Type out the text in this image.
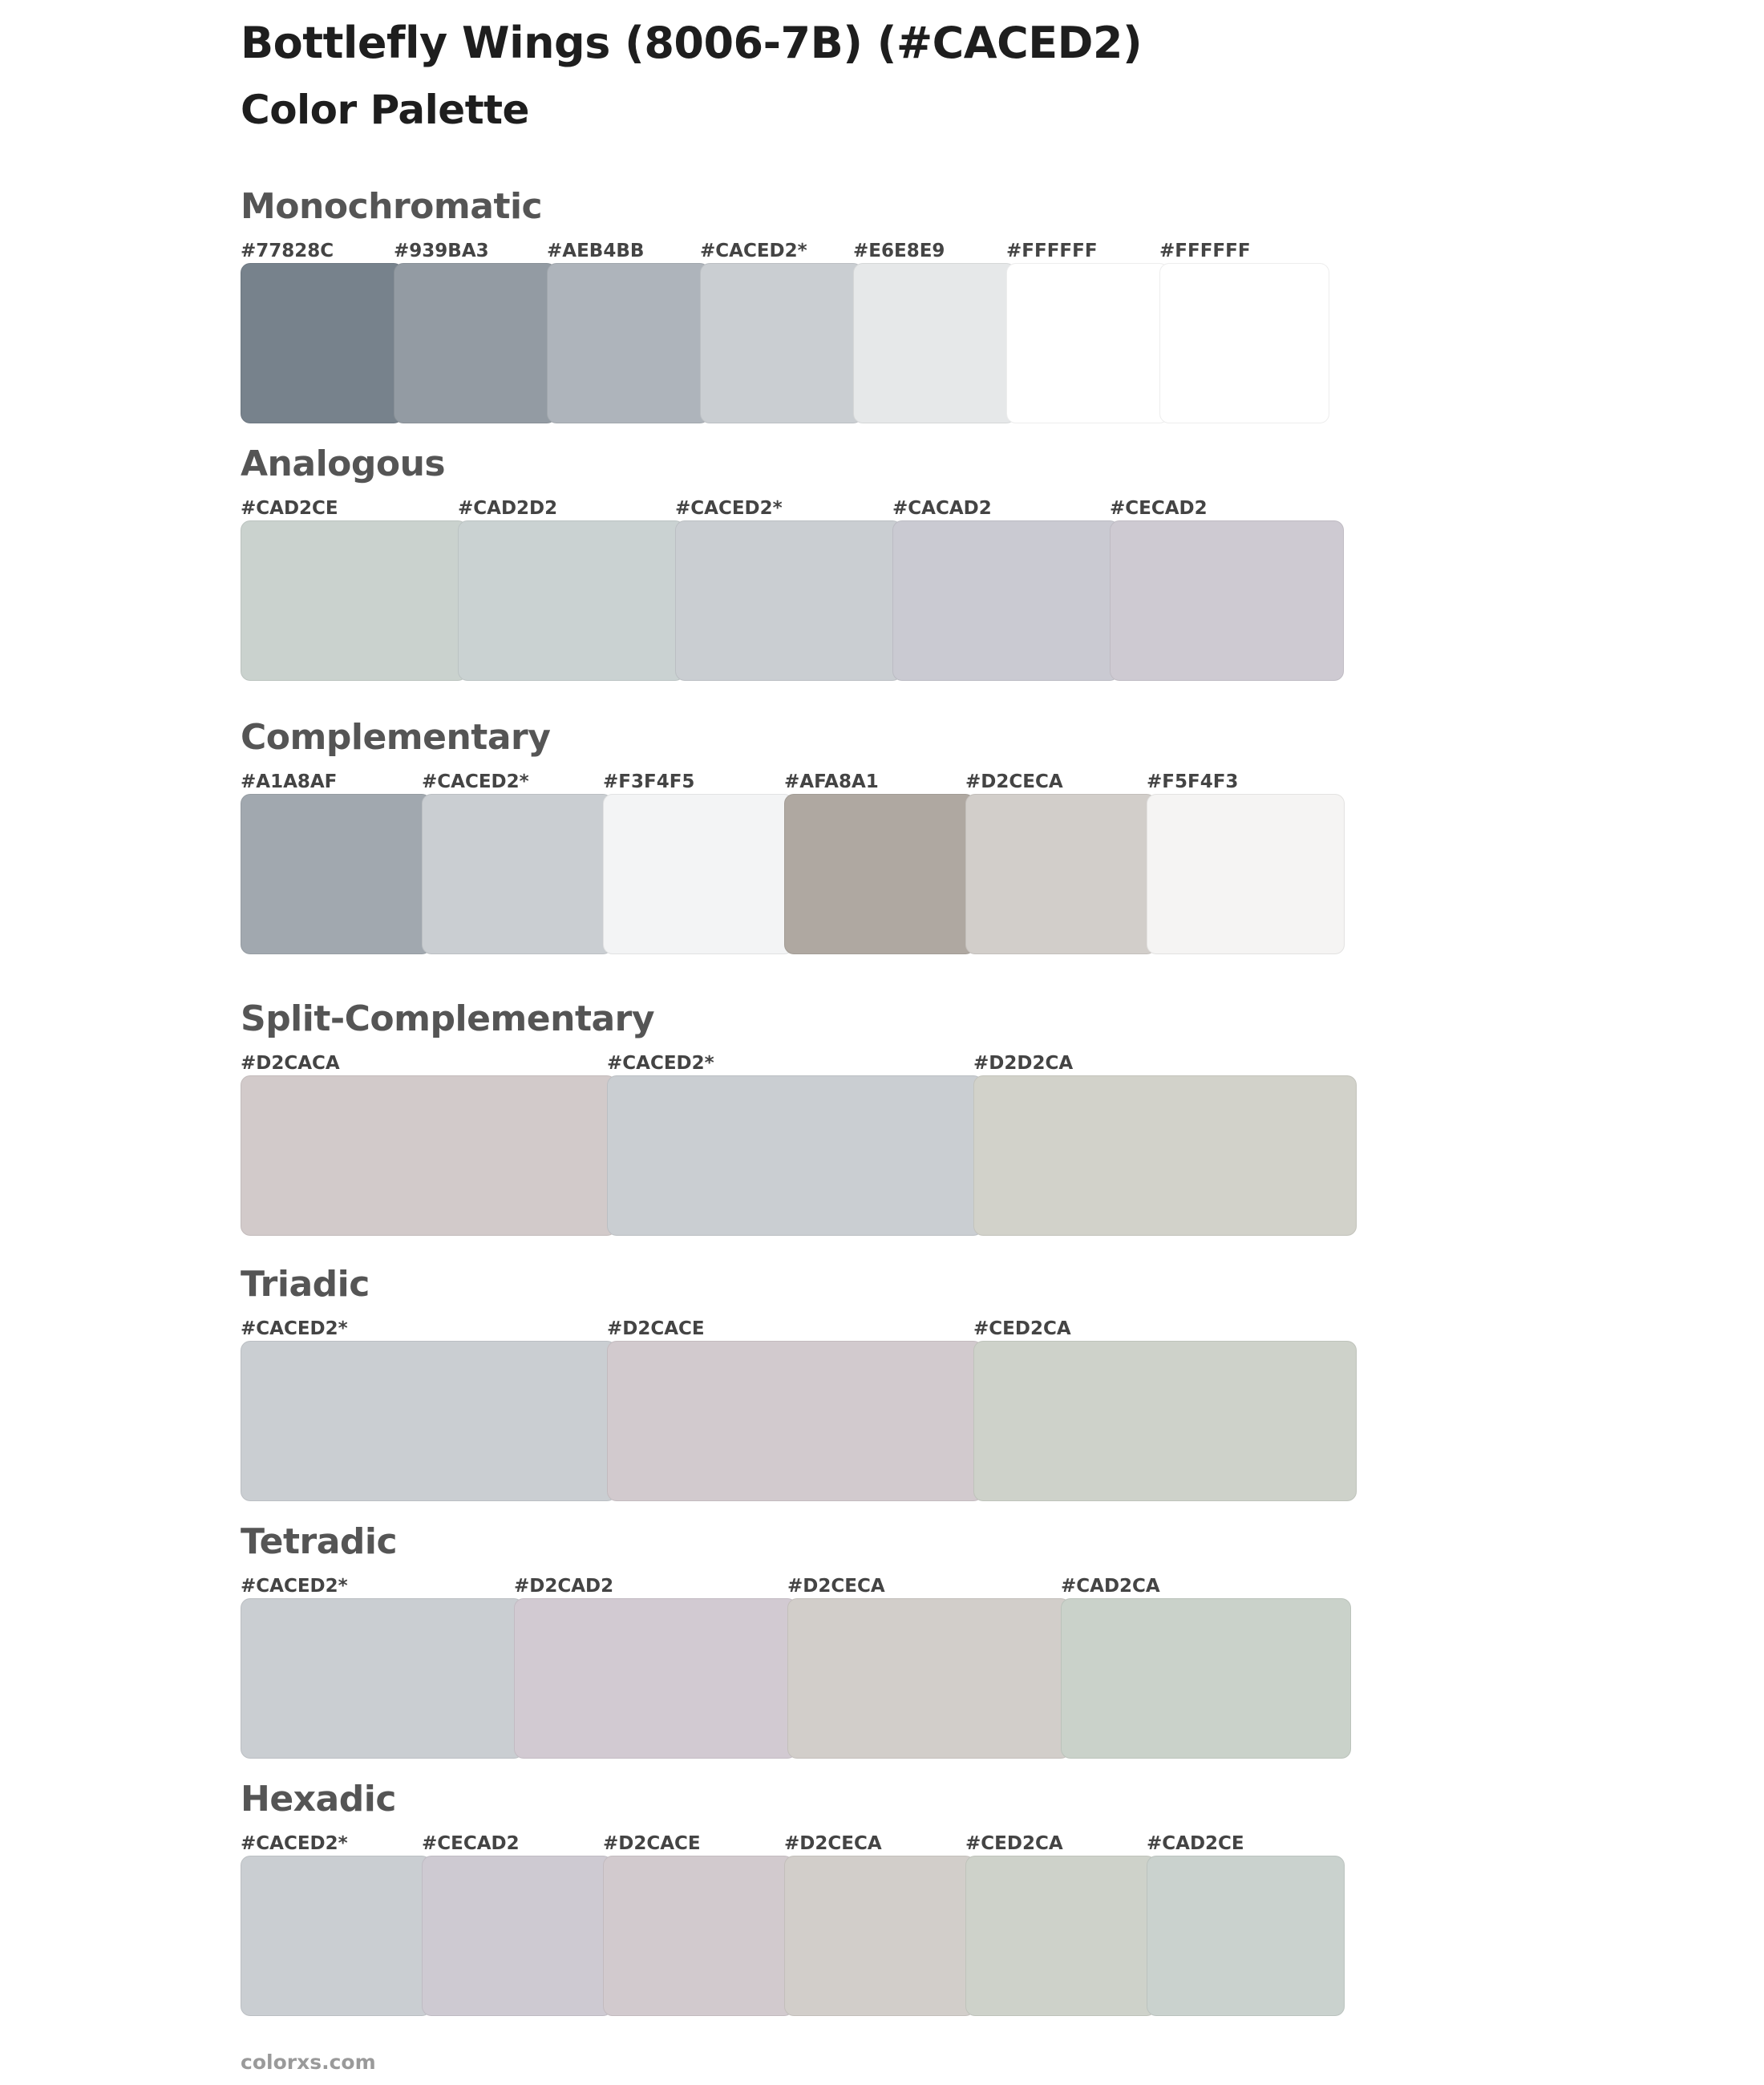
Bottlefly Wings (8006-7B) (#CACED2)
Color Palette
Monochromatic
#77828C	#939BA3	#AEB4BB	#CACED2* #E6E8E9	#FFFFFF	#FFFFFF
Analogous
#CAD2CE	#CAD2D2	#CACED2*	#CACAD2	#CECAD2
Complementary
#A1A8AF	#CACED2*	#F3F4F5	#AFA8A1	#D2CECA	#F5F4F3
Split-Complementary
#D2CACA	#CACED2*	#D2D2CA
Triadic
#CACED2*	#D2CACE	#CED2CA
Tetradic
#CACED2*	#D2CAD2	#D2CECA	#CAD2CA
Hexadic
#CACED2*	#CECAD2	#D2CACE	#D2CECA	#CED2CA	#CAD2CE
colorxs.com
